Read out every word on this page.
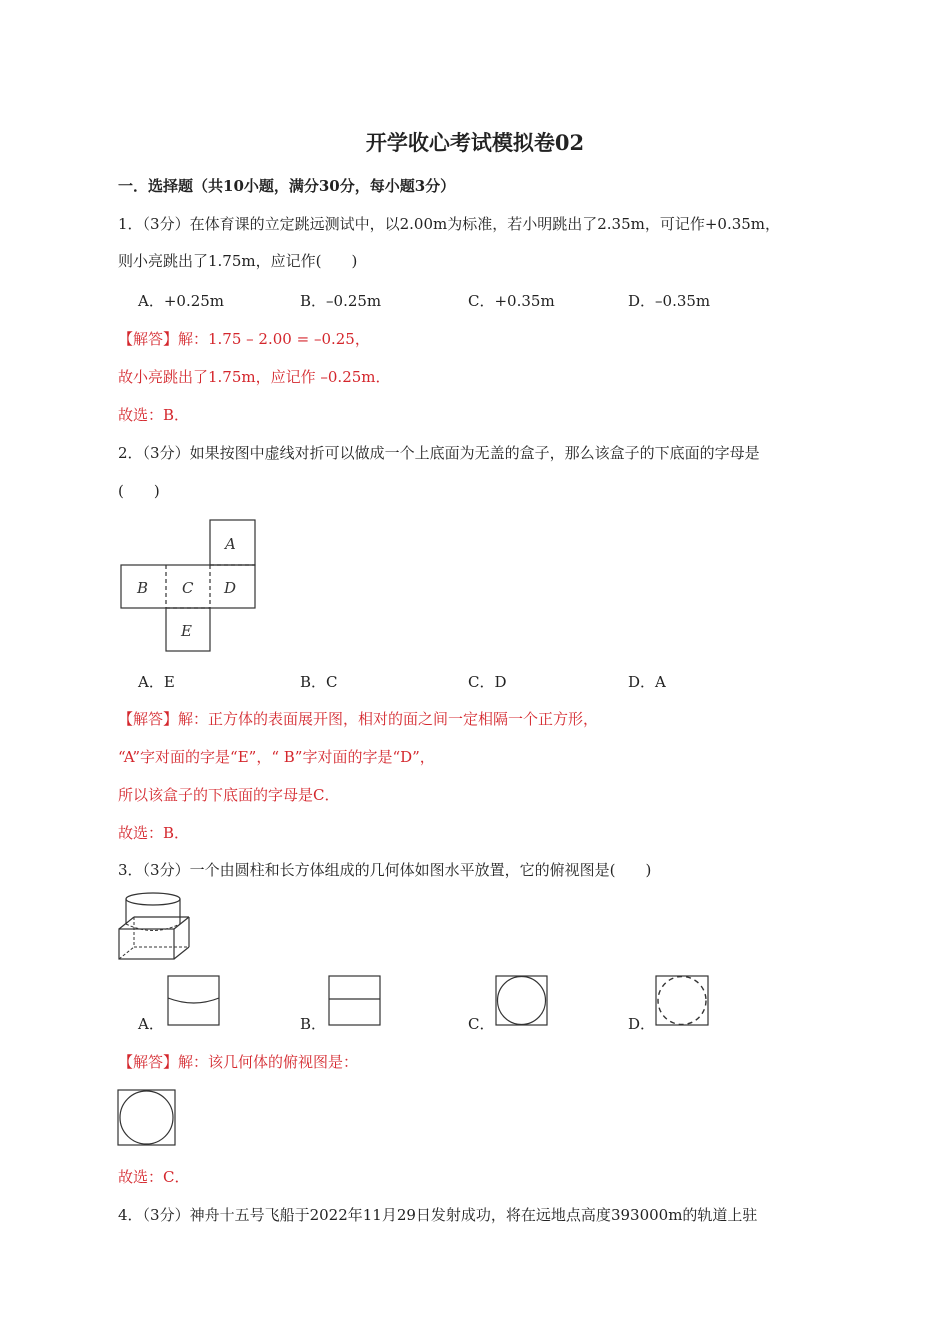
开学收心考试模拟卷02
一．选择题（共10小题，满分30分，每小题3分）
1．（3分）在体育课的立定跳远测试中，以2.00m为标准，若小明跳出了2.35m，可记作+0.35m，
则小亮跳出了1.75m，应记作(　　)
A．+0.25m	B．–0.25m	C．+0.35m	D．–0.35m
【解答】解：1.75 – 2.00 = –0.25，
故小亮跳出了1.75m，应记作 –0.25m．
故选：B．
2．（3分）如果按图中虚线对折可以做成一个上底面为无盖的盒子，那么该盒子的下底面的字母是
(　　)
A
B C D
E
A．E	B．C	C．D	D．A
【解答】解：正方体的表面展开图，相对的面之间一定相隔一个正方形，
“A”字对面的字是“E”，“ B”字对面的字是“D”，
所以该盒子的下底面的字母是C．
故选：B．
3．（3分）一个由圆柱和长方体组成的几何体如图水平放置，它的俯视图是(　　)
A．	B．	C．	D．
【解答】解：该几何体的俯视图是：
故选：C．
4．（3分）神舟十五号飞船于2022年11月29日发射成功，将在远地点高度393000m的轨道上驻
